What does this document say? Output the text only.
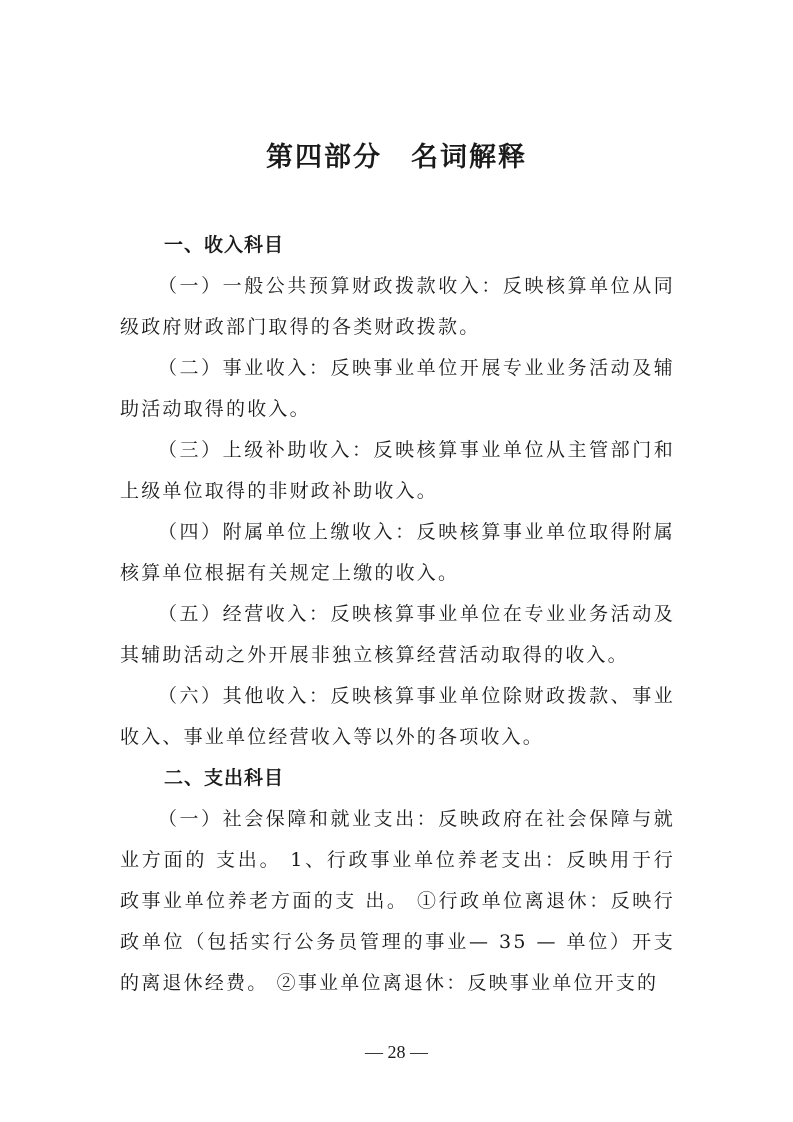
第四部分　名词解释
一、收入科目

（一）一般公共预算财政拨款收入：反映核算单位从同级政府财政部门取得的各类财政拨款。

（二）事业收入：反映事业单位开展专业业务活动及辅助活动取得的收入。

（三）上级补助收入：反映核算事业单位从主管部门和上级单位取得的非财政补助收入。

（四）附属单位上缴收入：反映核算事业单位取得附属核算单位根据有关规定上缴的收入。

（五）经营收入：反映核算事业单位在专业业务活动及其辅助活动之外开展非独立核算经营活动取得的收入。

（六）其他收入：反映核算事业单位除财政拨款、事业收入、事业单位经营收入等以外的各项收入。

二、支出科目

（一）社会保障和就业支出：反映政府在社会保障与就业方面的 支出。 1、行政事业单位养老支出：反映用于行政事业单位养老方面的支 出。 ①行政单位离退休：反映行政单位（包括实行公务员管理的事业— 35 — 单位）开支的离退休经费。 ②事业单位离退休：反映事业单位开支的

— 28 —
